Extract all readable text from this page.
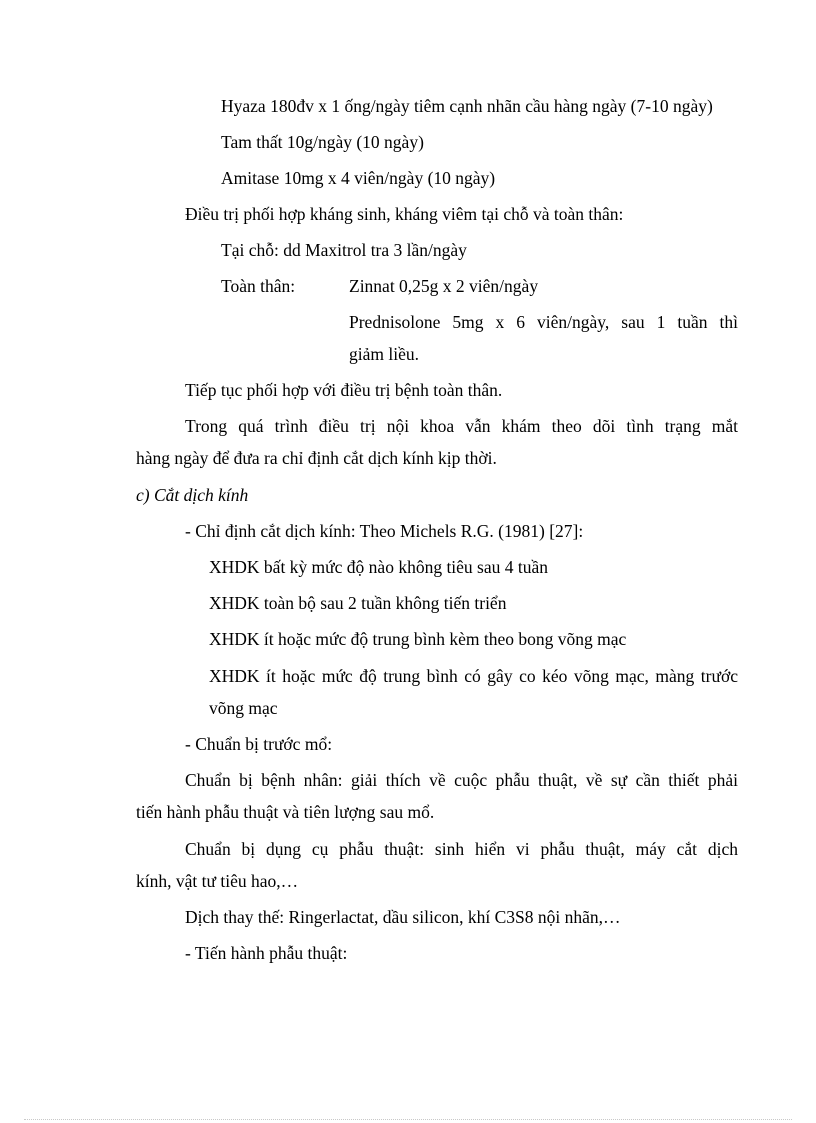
Hyaza 180đv x 1 ống/ngày tiêm cạnh nhãn cầu hàng ngày (7-10 ngày)
Tam thất 10g/ngày (10 ngày)
Amitase 10mg x 4 viên/ngày (10 ngày)
Điều trị phối hợp kháng sinh, kháng viêm tại chỗ và toàn thân:
Tại chỗ: dd Maxitrol tra 3 lần/ngày
Toàn thân:	Zinnat 0,25g x 2 viên/ngày
Prednisolone 5mg x 6 viên/ngày, sau 1 tuần thì
giảm liều.
Tiếp tục phối hợp với điều trị bệnh toàn thân.
Trong quá trình điều trị nội khoa vẫn khám theo dõi tình trạng mắt
hàng ngày để đưa ra chỉ định cắt dịch kính kịp thời.
c) Cắt dịch kính
- Chỉ định cắt dịch kính: Theo Michels R.G. (1981) [27]:
XHDK bất kỳ mức độ nào không tiêu sau 4 tuần
XHDK toàn bộ sau 2 tuần không tiến triển
XHDK ít hoặc mức độ trung bình kèm theo bong võng mạc
XHDK ít hoặc mức độ trung bình có gây co kéo võng mạc, màng trước
võng mạc
- Chuẩn bị trước mổ:
Chuẩn bị bệnh nhân: giải thích về cuộc phẫu thuật, về sự cần thiết phải
tiến hành phẫu thuật và tiên lượng sau mổ.
Chuẩn bị dụng cụ phẫu thuật: sinh hiển vi phẫu thuật, máy cắt dịch
kính, vật tư tiêu hao,…
Dịch thay thế: Ringerlactat, dầu silicon, khí C3S8 nội nhãn,…
- Tiến hành phẫu thuật:
